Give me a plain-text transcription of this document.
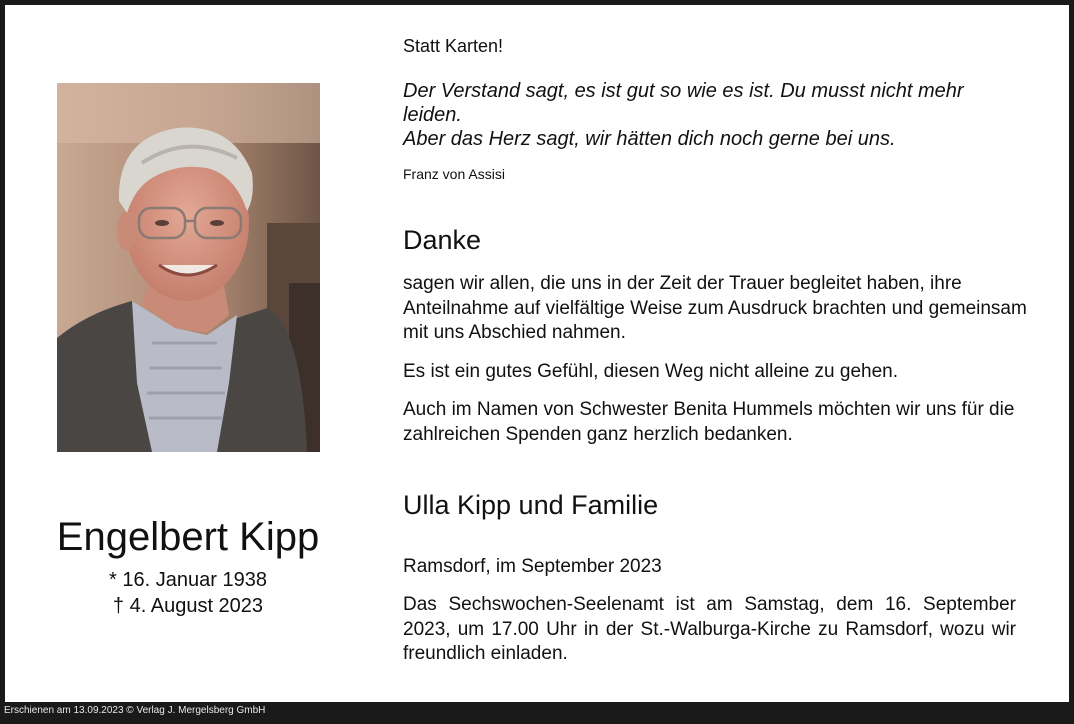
Engelbert Kipp
* 16. Januar 1938
† 4. August 2023

Statt Karten!

Der Verstand sagt, es ist gut so wie es ist. Du musst nicht mehr leiden.
Aber das Herz sagt, wir hätten dich noch gerne bei uns.

Franz von Assisi

Danke

sagen wir allen, die uns in der Zeit der Trauer begleitet haben, ihre Anteilnahme auf vielfältige Weise zum Ausdruck brachten und gemeinsam mit uns Abschied nahmen.

Es ist ein gutes Gefühl, diesen Weg nicht alleine zu gehen.

Auch im Namen von Schwester Benita Hummels möchten wir uns für die zahlreichen Spenden ganz herzlich bedanken.

Ulla Kipp und Familie

Ramsdorf, im September 2023

Das Sechswochen-Seelenamt ist am Samstag, dem 16. September 2023, um 17.00 Uhr in der St.-Walburga-Kirche zu Ramsdorf, wozu wir freundlich einladen.

Erschienen am 13.09.2023 © Verlag J. Mergelsberg GmbH
